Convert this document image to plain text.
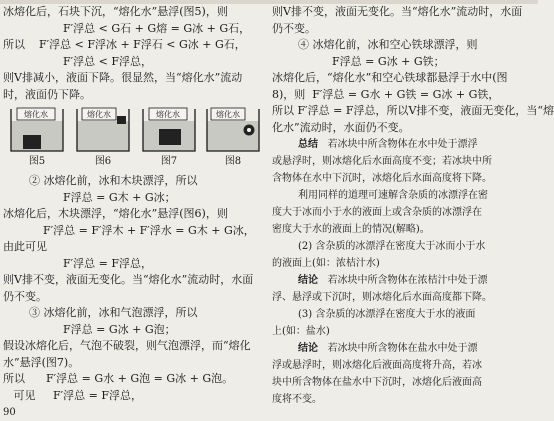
冰熔化后，石块下沉，“熔化水”悬浮(图5)，则
F′浮总 < G石 + G熔 = G冰 + G石，
所以 F′浮总 < F浮冰 + F浮石 < G冰 + G石，
F′浮总 < F浮总，
则V排减小，液面下降。很显然，当“熔化水”流动
时，液面仍下降。
熔化水
图5
熔化水
图6
熔化水
图7
熔化水
图8
② 冰熔化前，冰和木块漂浮，所以
F浮总 = G木 + G冰；
冰熔化后，木块漂浮，“熔化水”悬浮(图6)，则
F′浮总 = F′浮木 + F′浮水 = G木 + G冰，
由此可见
F′浮总 = F浮总，
则V排不变，液面无变化。当“熔化水”流动时，水面
仍不变。
③ 冰熔化前，冰和气泡漂浮，所以
F浮总 = G冰 + G泡；
假设冰熔化后，气泡不破裂，则气泡漂浮，而“熔化
水”悬浮(图7)。
所以 F′浮总 = G水 + G泡 = G冰 + G泡。
可见 F′浮总 = F浮总，
90
则V排不变，液面无变化。当“熔化水”流动时，水面
仍不变。
④ 冰熔化前，冰和空心铁球漂浮，则
F浮总 = G冰 + G铁；
冰熔化后，“熔化水”和空心铁球都悬浮于水中(图
8)，则 F′浮总 = G水 + G铁 = G冰 + G铁，
所以 F′浮总 = F浮总，所以V排不变，液面无变化，当“熔
化水”流动时，水面仍不变。
总结 若冰块中所含物体在水中处于漂浮
或悬浮时，则冰熔化后水面高度不变；若冰块中所
含物体在水中下沉时，冰熔化后水面高度将下降。
利用同样的道理可速解含杂质的冰漂浮在密
度大于冰而小于水的液面上或含杂质的冰漂浮在
密度大于水的液面上的情况(解略)。
(2) 含杂质的冰漂浮在密度大于冰而小于水
的液面上(如：浓桔汁水)
结论 若冰块中所含物体在浓桔汁中处于漂
浮、悬浮或下沉时，则冰熔化后水面高度都下降。
(3) 含杂质的冰漂浮在密度大于水的液面
上(如：盐水)
结论 若冰块中所含物体在盐水中处于漂
浮或悬浮时，则冰熔化后液面高度将升高，若冰
块中所含物体在盐水中下沉时，冰熔化后液面高
度将不变。
